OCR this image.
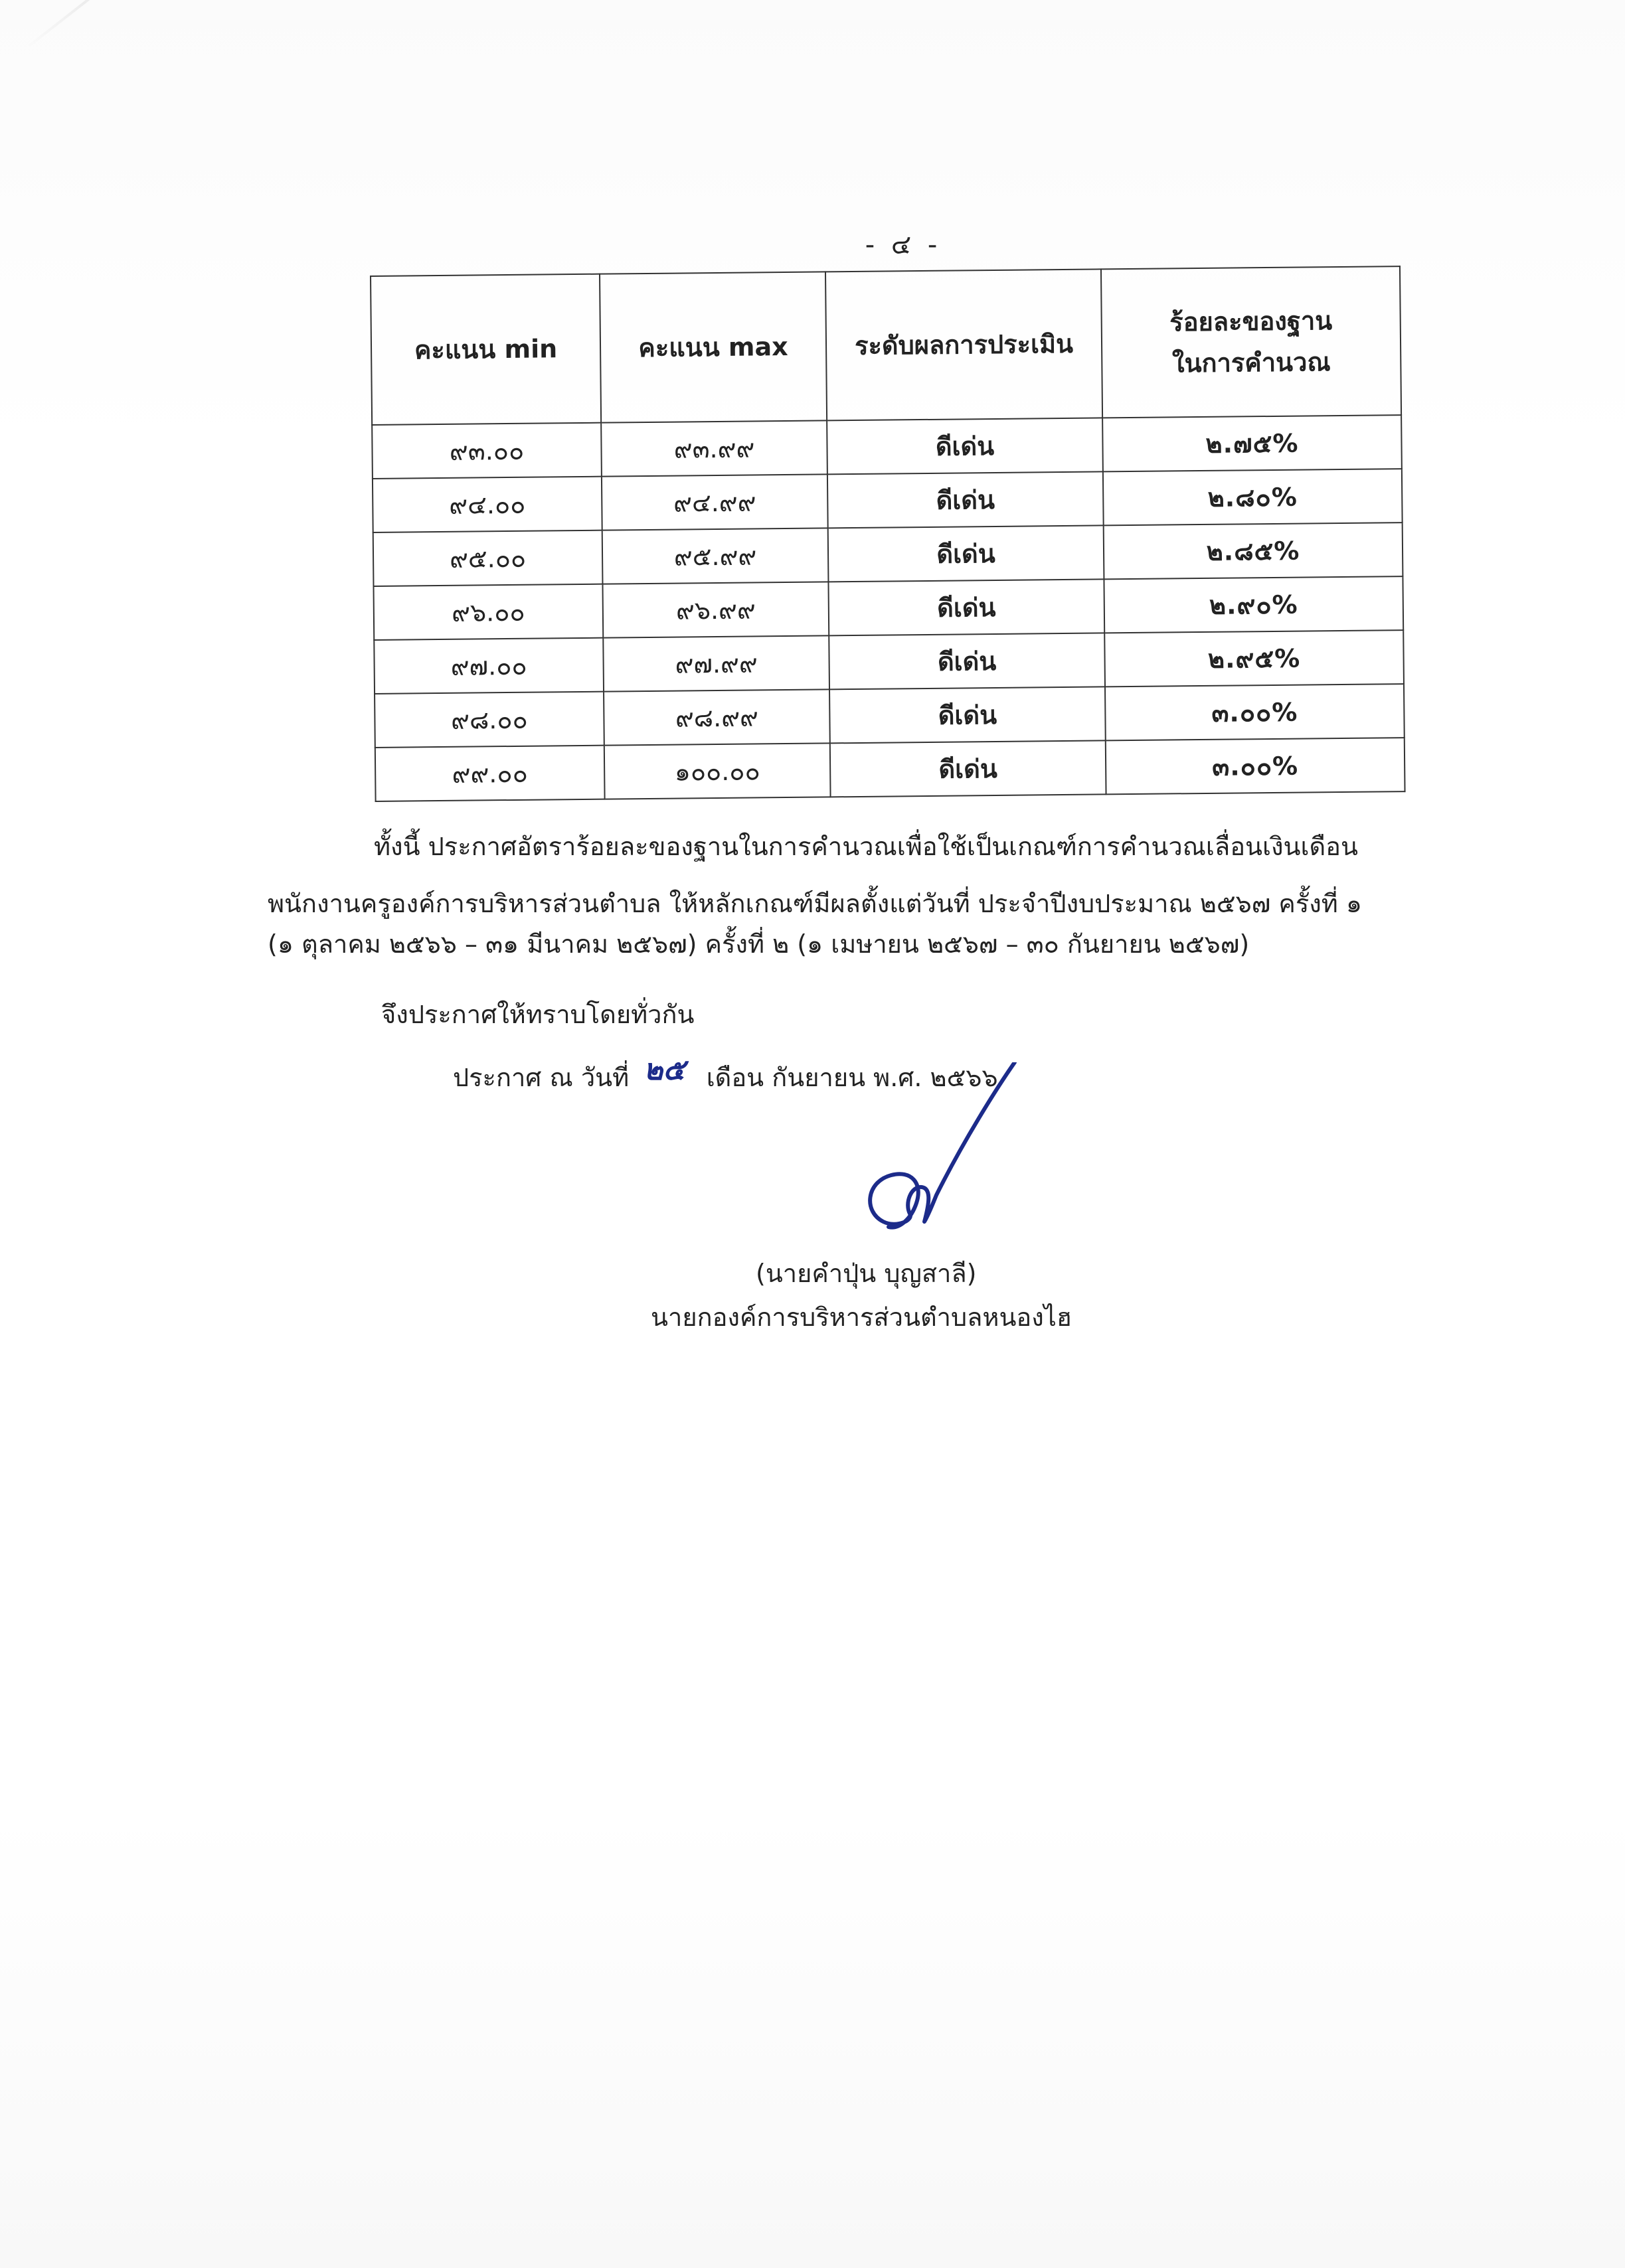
- ๔ -
คะแนน min	คะแนน max	ระดับผลการประเมิน	ร้อยละของฐาน
ในการคำนวณ
๙๓.๐๐	๙๓.๙๙	ดีเด่น	๒.๗๕%
๙๔.๐๐	๙๔.๙๙	ดีเด่น	๒.๘๐%
๙๕.๐๐	๙๕.๙๙	ดีเด่น	๒.๘๕%
๙๖.๐๐	๙๖.๙๙	ดีเด่น	๒.๙๐%
๙๗.๐๐	๙๗.๙๙	ดีเด่น	๒.๙๕%
๙๘.๐๐	๙๘.๙๙	ดีเด่น	๓.๐๐%
๙๙.๐๐	๑๐๐.๐๐	ดีเด่น	๓.๐๐%
ทั้งนี้ ประกาศอัตราร้อยละของฐานในการคำนวณเพื่อใช้เป็นเกณฑ์การคำนวณเลื่อนเงินเดือน
พนักงานครูองค์การบริหารส่วนตำบล ให้หลักเกณฑ์มีผลตั้งแต่วันที่ ประจำปีงบประมาณ ๒๕๖๗ ครั้งที่ ๑
(๑ ตุลาคม ๒๕๖๖ – ๓๑ มีนาคม ๒๕๖๗) ครั้งที่ ๒ (๑ เมษายน ๒๕๖๗ – ๓๐ กันยายน ๒๕๖๗)
จึงประกาศให้ทราบโดยทั่วกัน
ประกาศ ณ วันที่ ๒๕ เดือน กันยายน พ.ศ. ๒๕๖๖
(นายคำปุ่น บุญสาลี)
นายกองค์การบริหารส่วนตำบลหนองไฮ
